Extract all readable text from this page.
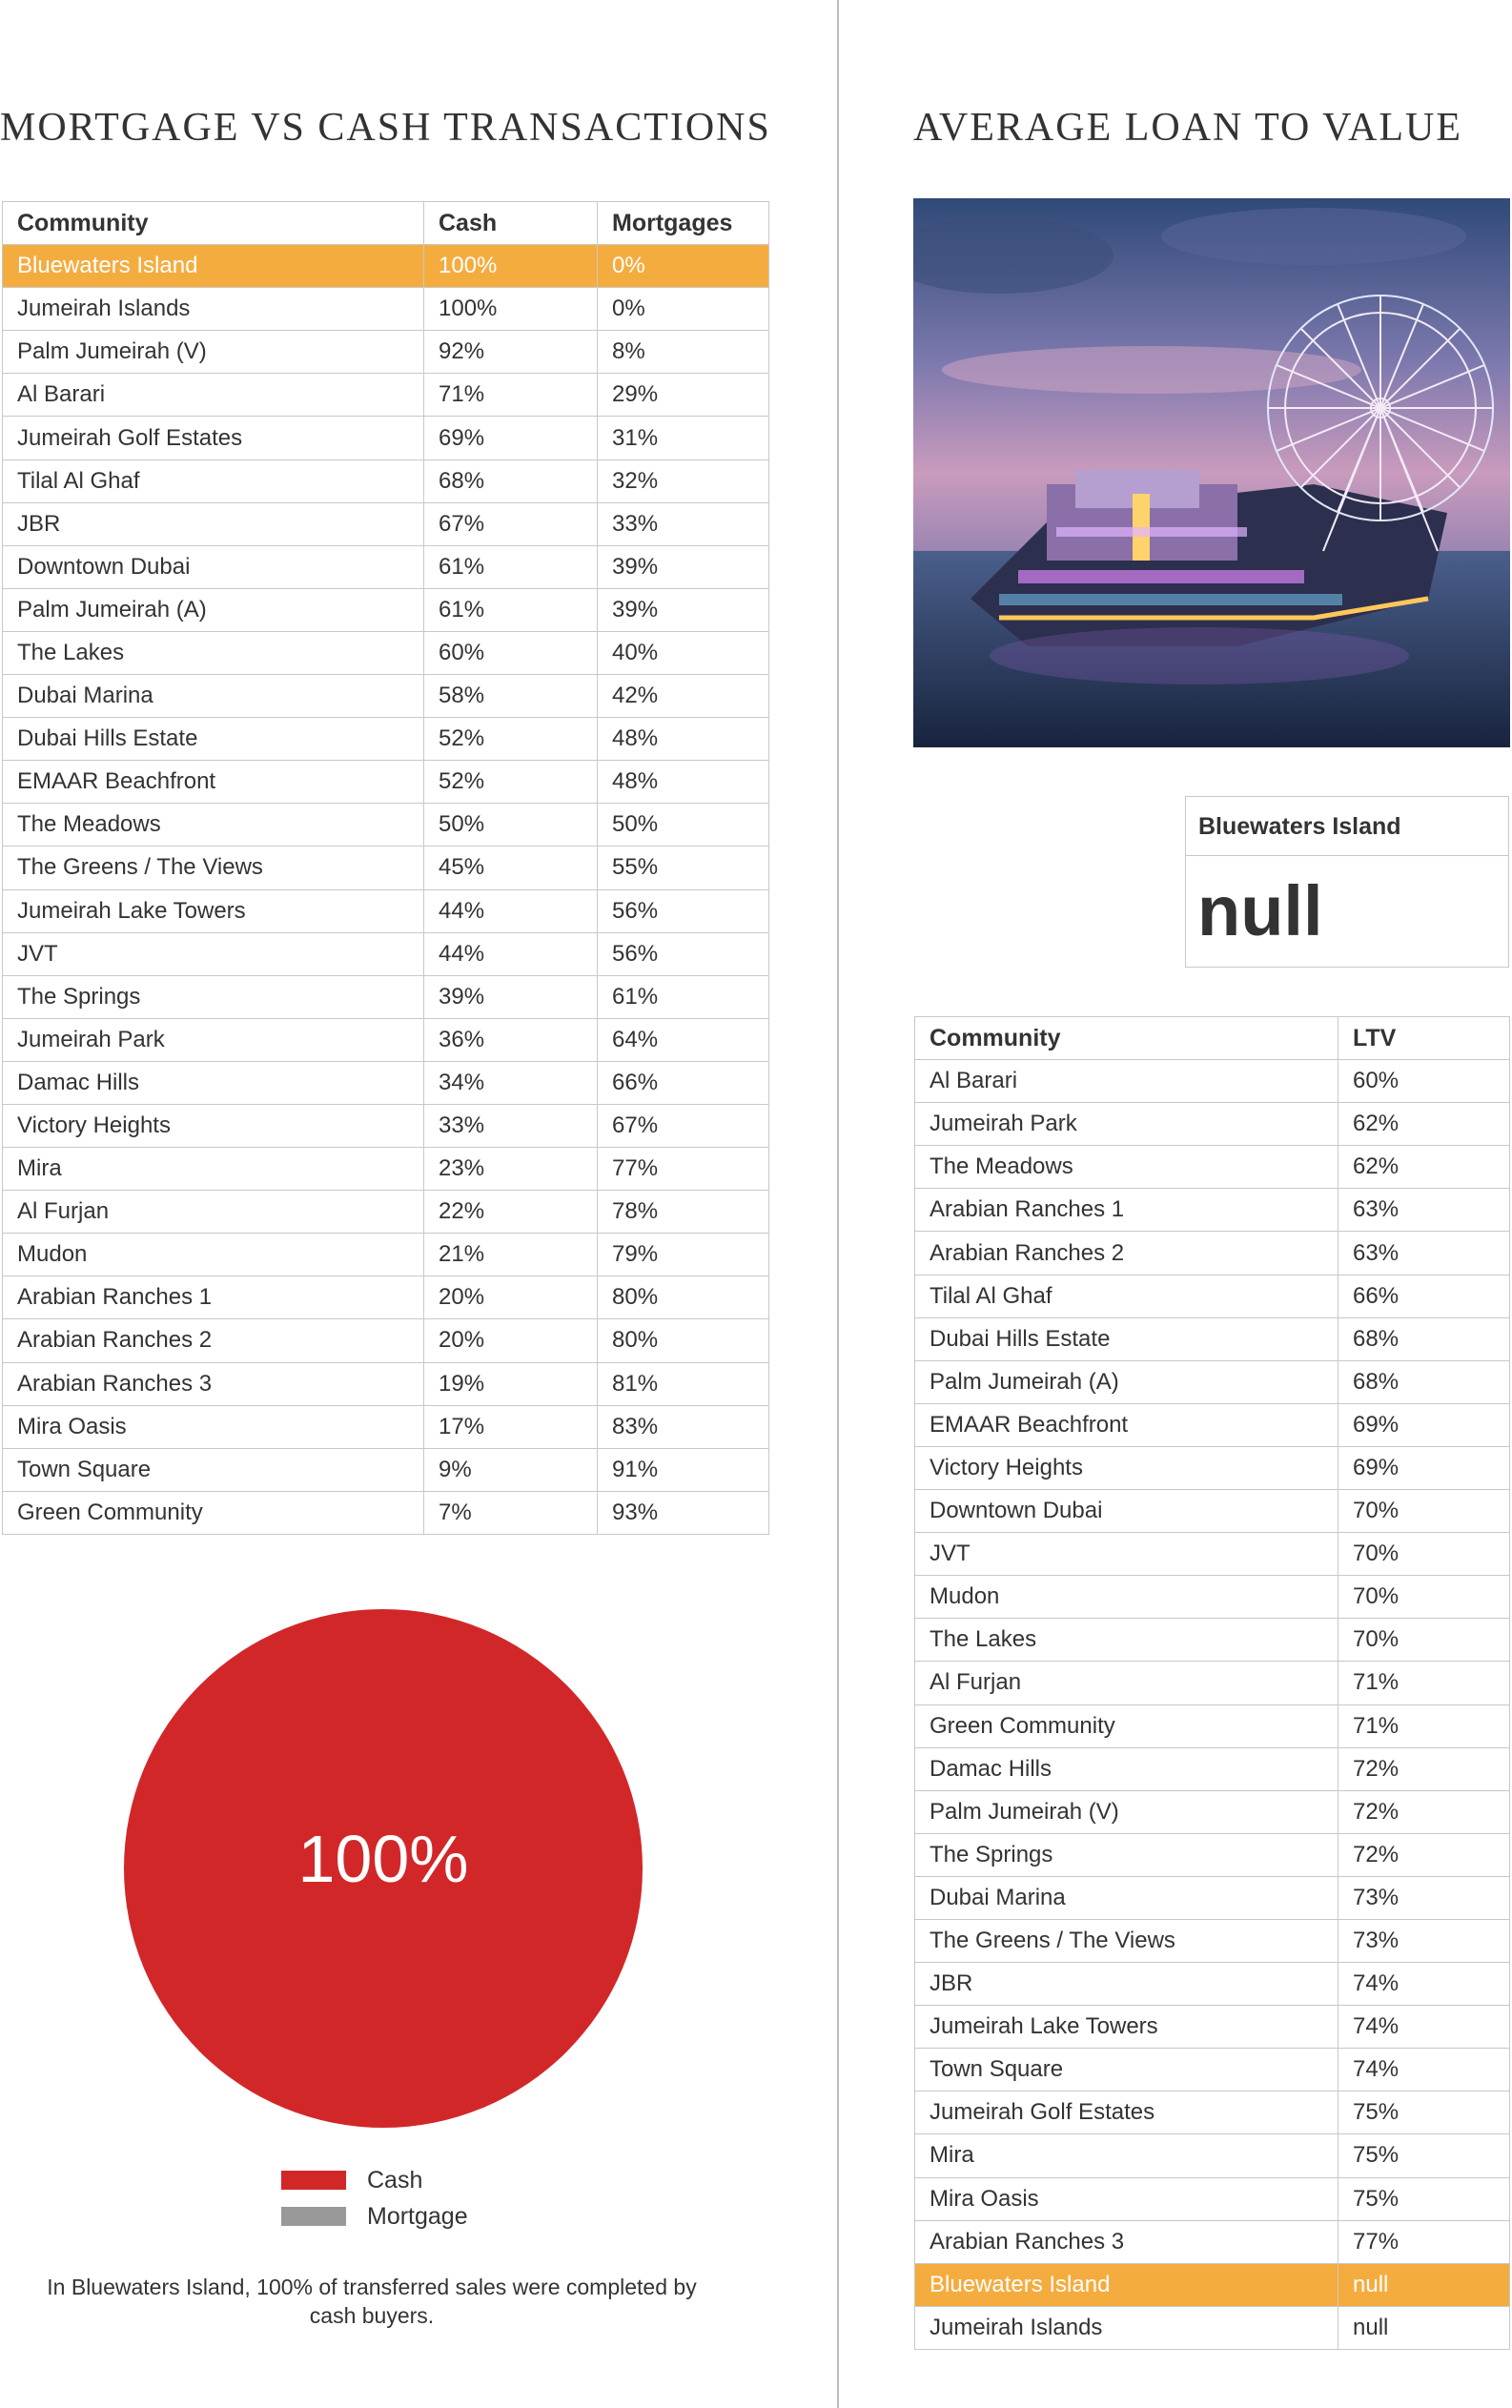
MORTGAGE VS CASH TRANSACTIONS	AVERAGE LOAN TO VALUE
Community	Cash	Mortgages
Bluewaters Island	100%	0%
Jumeirah Islands	100%	0%
Palm Jumeirah (V)	92%	8%
Al Barari	71%	29%
Jumeirah Golf Estates	69%	31%
Tilal Al Ghaf	68%	32%
JBR	67%	33%
Downtown Dubai	61%	39%
Palm Jumeirah (A)	61%	39%
The Lakes	60%	40%
Dubai Marina	58%	42%
Dubai Hills Estate	52%	48%
EMAAR Beachfront	52%	48%
The Meadows	50%	50%
The Greens / The Views	45%	55%
Jumeirah Lake Towers	44%	56%
JVT	44%	56%
The Springs	39%	61%
Jumeirah Park	36%	64%
Damac Hills	34%	66%
Victory Heights	33%	67%
Mira	23%	77%
Al Furjan	22%	78%
Mudon	21%	79%
Arabian Ranches 1	20%	80%
Arabian Ranches 2	20%	80%
Arabian Ranches 3	19%	81%
Mira Oasis	17%	83%
Town Square	9%	91%
Green Community	7%	93%
Bluewaters Island
null
Community	LTV
Al Barari	60%
Jumeirah Park	62%
The Meadows	62%
Arabian Ranches 1	63%
Arabian Ranches 2	63%
Tilal Al Ghaf	66%
Dubai Hills Estate	68%
Palm Jumeirah (A)	68%
EMAAR Beachfront	69%
Victory Heights	69%
Downtown Dubai	70%
JVT	70%
Mudon	70%
The Lakes	70%
Al Furjan	71%
Green Community	71%
Damac Hills	72%
Palm Jumeirah (V)	72%
The Springs	72%
Dubai Marina	73%
The Greens / The Views	73%
JBR	74%
Jumeirah Lake Towers	74%
Town Square	74%
Jumeirah Golf Estates	75%
Mira	75%
Mira Oasis	75%
Arabian Ranches 3	77%
Bluewaters Island	null
Jumeirah Islands	null
100%
Cash
Mortgage
In Bluewaters Island, 100% of transferred sales were completed by cash buyers.
